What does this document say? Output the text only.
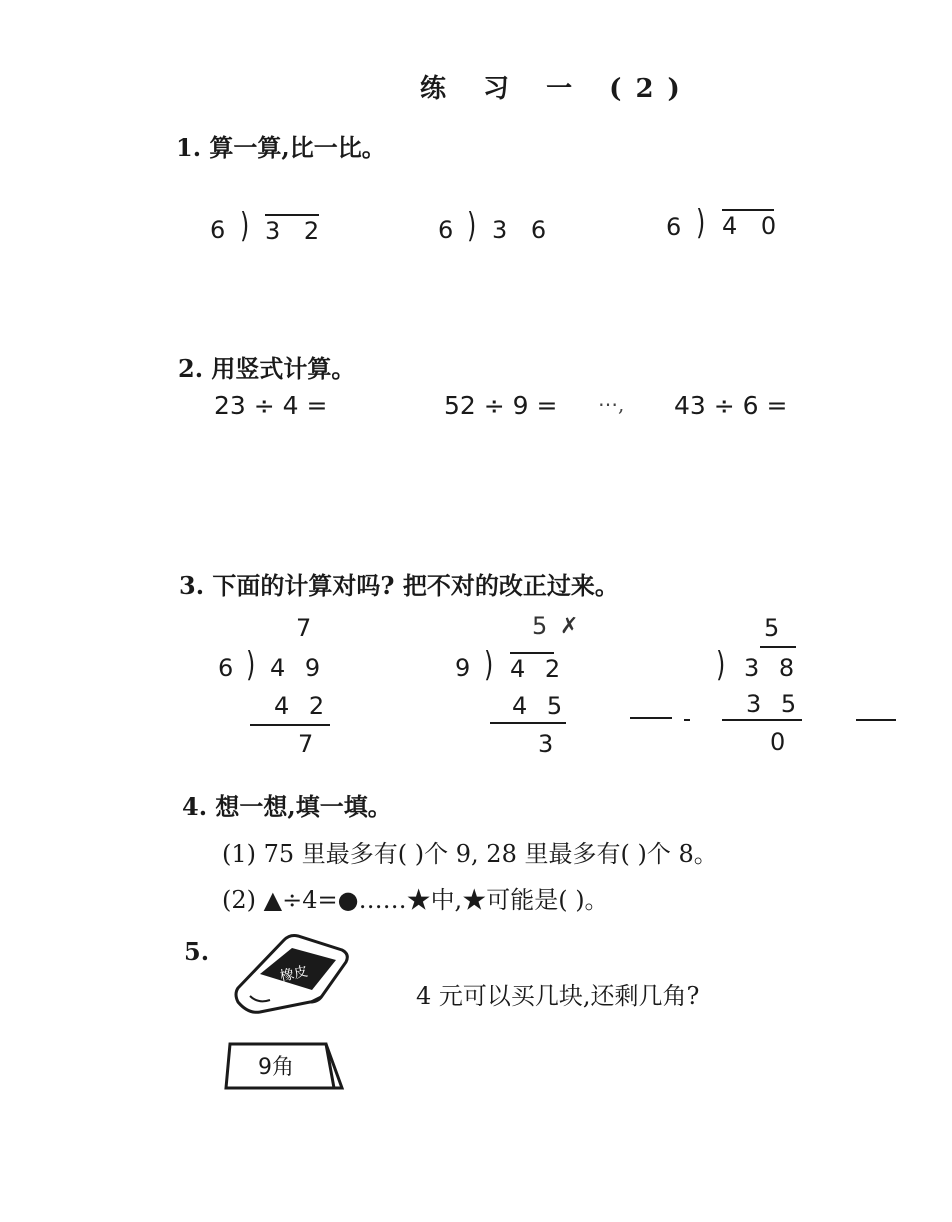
练 习 一 (2)
1. 算一算,比一比。
6 ) 3 2	6 ) 3 6	6 ) 4 0
2. 用竖式计算。
23 ÷ 4 =	52 ÷ 9 = ⋯, 43 ÷ 6 =
3. 下面的计算对吗? 把不对的改正过来。
7
6 ) 4 9
4 2
7
5 ✗
9 ) 4 2
4 5
3
5
) 3 8
3 5
0
4. 想一想,填一填。
(1) 75 里最多有( )个 9, 28 里最多有( )个 8。
(2) ▲÷4=●……★中,★可能是( )。
5.
橡皮
9角
4 元可以买几块,还剩几角?
